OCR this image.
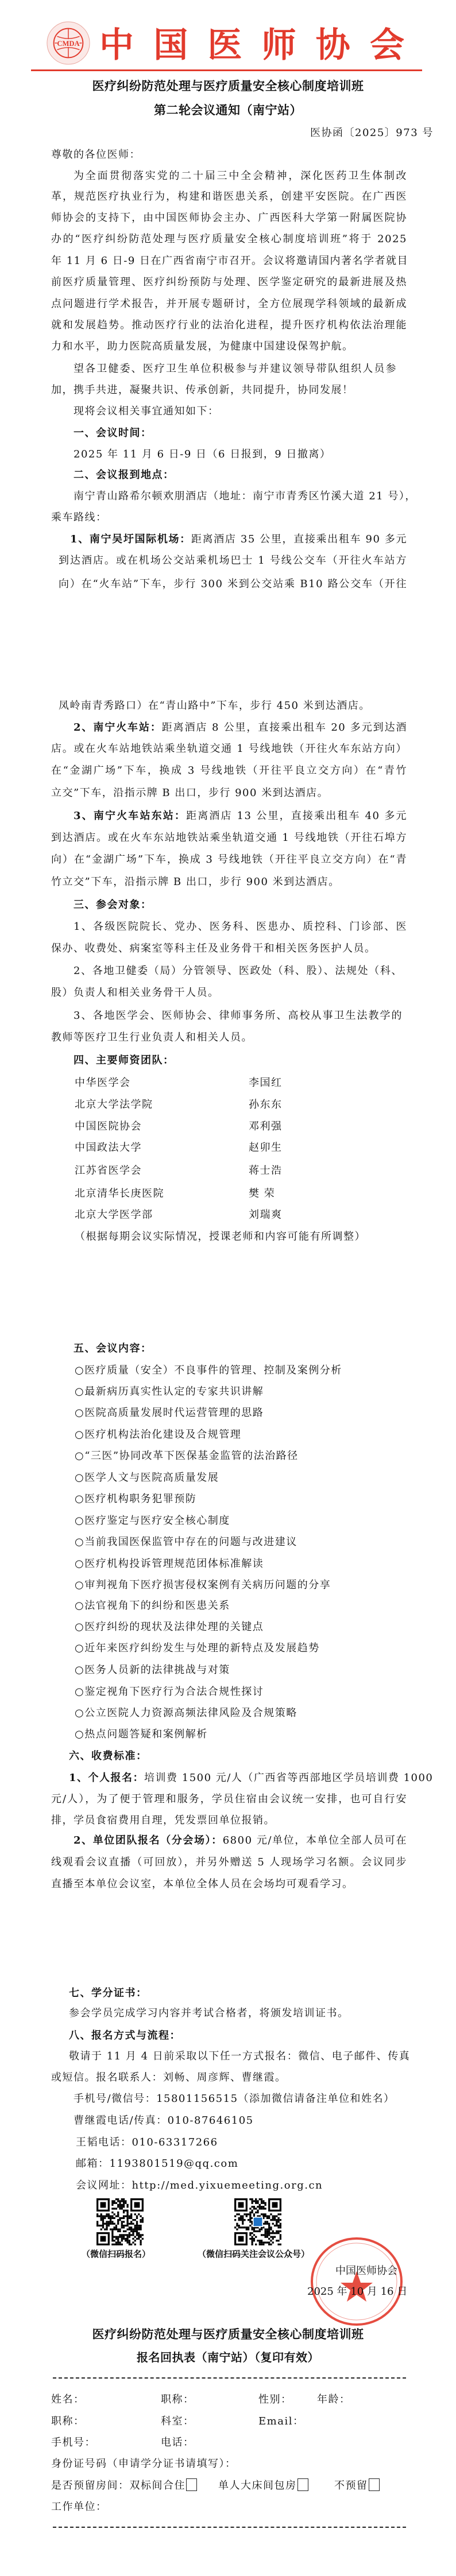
CMDA 中国医师协会
医疗纠纷防范处理与医疗质量安全核心制度培训班
第二轮会议通知（南宁站）
医协函〔2025〕973 号
尊敬的各位医师：
为全面贯彻落实党的二十届三中全会精神，深化医药卫生体制改
革，规范医疗执业行为，构建和谐医患关系，创建平安医院。在广西医
师协会的支持下，由中国医师协会主办、广西医科大学第一附属医院协
办的“医疗纠纷防范处理与医疗质量安全核心制度培训班”将于 2025
年 11 月 6 日-9 日在广西省南宁市召开。会议将邀请国内著名学者就目
前医疗质量管理、医疗纠纷预防与处理、医学鉴定研究的最新进展及热
点问题进行学术报告，并开展专题研讨，全方位展现学科领域的最新成
就和发展趋势。推动医疗行业的法治化进程，提升医疗机构依法治理能
力和水平，助力医院高质量发展，为健康中国建设保驾护航。
望各卫健委、医疗卫生单位积极参与并建议领导带队组织人员参
加，携手共进，凝聚共识、传承创新，共同提升，协同发展！
现将会议相关事宜通知如下：
一、会议时间：
2025 年 11 月 6 日-9 日（6 日报到，9 日撤离）
二、会议报到地点：
南宁青山路希尔顿欢朋酒店（地址：南宁市青秀区竹溪大道 21 号），
乘车路线：
1、南宁吴圩国际机场：距离酒店 35 公里，直接乘出租车 90 多元
到达酒店。或在机场公交站乘机场巴士 1 号线公交车（开往火车站方
向）在“火车站”下车，步行 300 米到公交站乘 B10 路公交车（开往
凤岭南青秀路口）在“青山路中”下车，步行 450 米到达酒店。
2、南宁火车站：距离酒店 8 公里，直接乘出租车 20 多元到达酒
店。或在火车站地铁站乘坐轨道交通 1 号线地铁（开往火车东站方向）
在“金湖广场”下车，换成 3 号线地铁（开往平良立交方向）在“青竹
立交”下车，沿指示牌 B 出口，步行 900 米到达酒店。
3、南宁火车站东站：距离酒店 13 公里，直接乘出租车 40 多元
到达酒店。或在火车东站地铁站乘坐轨道交通 1 号线地铁（开往石埠方
向）在“金湖广场”下车，换成 3 号线地铁（开往平良立交方向）在“青
竹立交”下车，沿指示牌 B 出口，步行 900 米到达酒店。
三、参会对象：
1、各级医院院长、党办、医务科、医患办、质控科、门诊部、医
保办、收费处、病案室等科主任及业务骨干和相关医务医护人员。
2、各地卫健委（局）分管领导、医政处（科、股）、法规处（科、
股）负责人和相关业务骨干人员。
3、各地医学会、医师协会、律师事务所、高校从事卫生法教学的
教师等医疗卫生行业负责人和相关人员。
四、主要师资团队：
中华医学会	李国红
北京大学法学院	孙东东
中国医院协会	邓利强
中国政法大学	赵卯生
江苏省医学会	蒋士浩
北京清华长庚医院	樊 荣
北京大学医学部	刘瑞爽
（根据每期会议实际情况，授课老师和内容可能有所调整）
五、会议内容：
○医疗质量（安全）不良事件的管理、控制及案例分析
○最新病历真实性认定的专家共识讲解
○医院高质量发展时代运营管理的思路
○医疗机构法治化建设及合规管理
○“三医”协同改革下医保基金监管的法治路径
○医学人文与医院高质量发展
○医疗机构职务犯罪预防
○医疗鉴定与医疗安全核心制度
○当前我国医保监管中存在的问题与改进建议
○医疗机构投诉管理规范团体标准解读
○审判视角下医疗损害侵权案例有关病历问题的分享
○法官视角下的纠纷和医患关系
○医疗纠纷的现状及法律处理的关键点
○近年来医疗纠纷发生与处理的新特点及发展趋势
○医务人员新的法律挑战与对策
○鉴定视角下医疗行为合法合规性探讨
○公立医院人力资源高频法律风险及合规策略
○热点问题答疑和案例解析
六、收费标准：
1、个人报名：培训费 1500 元/人（广西省等西部地区学员培训费 1000
元/人），为了便于管理和服务，学员住宿由会议统一安排，也可自行安
排，学员食宿费用自理，凭发票回单位报销。
2、单位团队报名（分会场）：6800 元/单位，本单位全部人员可在
线观看会议直播（可回放），并另外赠送 5 人现场学习名额。会议同步
直播至本单位会议室，本单位全体人员在会场均可观看学习。
七、学分证书：
参会学员完成学习内容并考试合格者，将颁发培训证书。
八、报名方式与流程：
敬请于 11 月 4 日前采取以下任一方式报名：微信、电子邮件、传真
或短信。报名联系人：刘畅、周彦辉、曹继霞。
手机号/微信号：15801156515（添加微信请备注单位和姓名）
曹继霞电话/传真：010-87646105
王韬电话：010-63317266
邮箱：1193801519@qq.com
会议网址：http://med.yixuemeeting.org.cn
姓名：	职称：	性别： 年龄：
职称：	科室：	Email：
手机号：	电话：
身份证号码（申请学分证书请填写）：
工作单位：
（微信扫码报名）	（微信扫码关注会议公众号）
中国医师协会
2025 年 10 月 16 日
医疗纠纷防范处理与医疗质量安全核心制度培训班
报名回执表（南宁站）（复印有效）
是否预留房间：双标间合住	单人大床间包房	不预留
